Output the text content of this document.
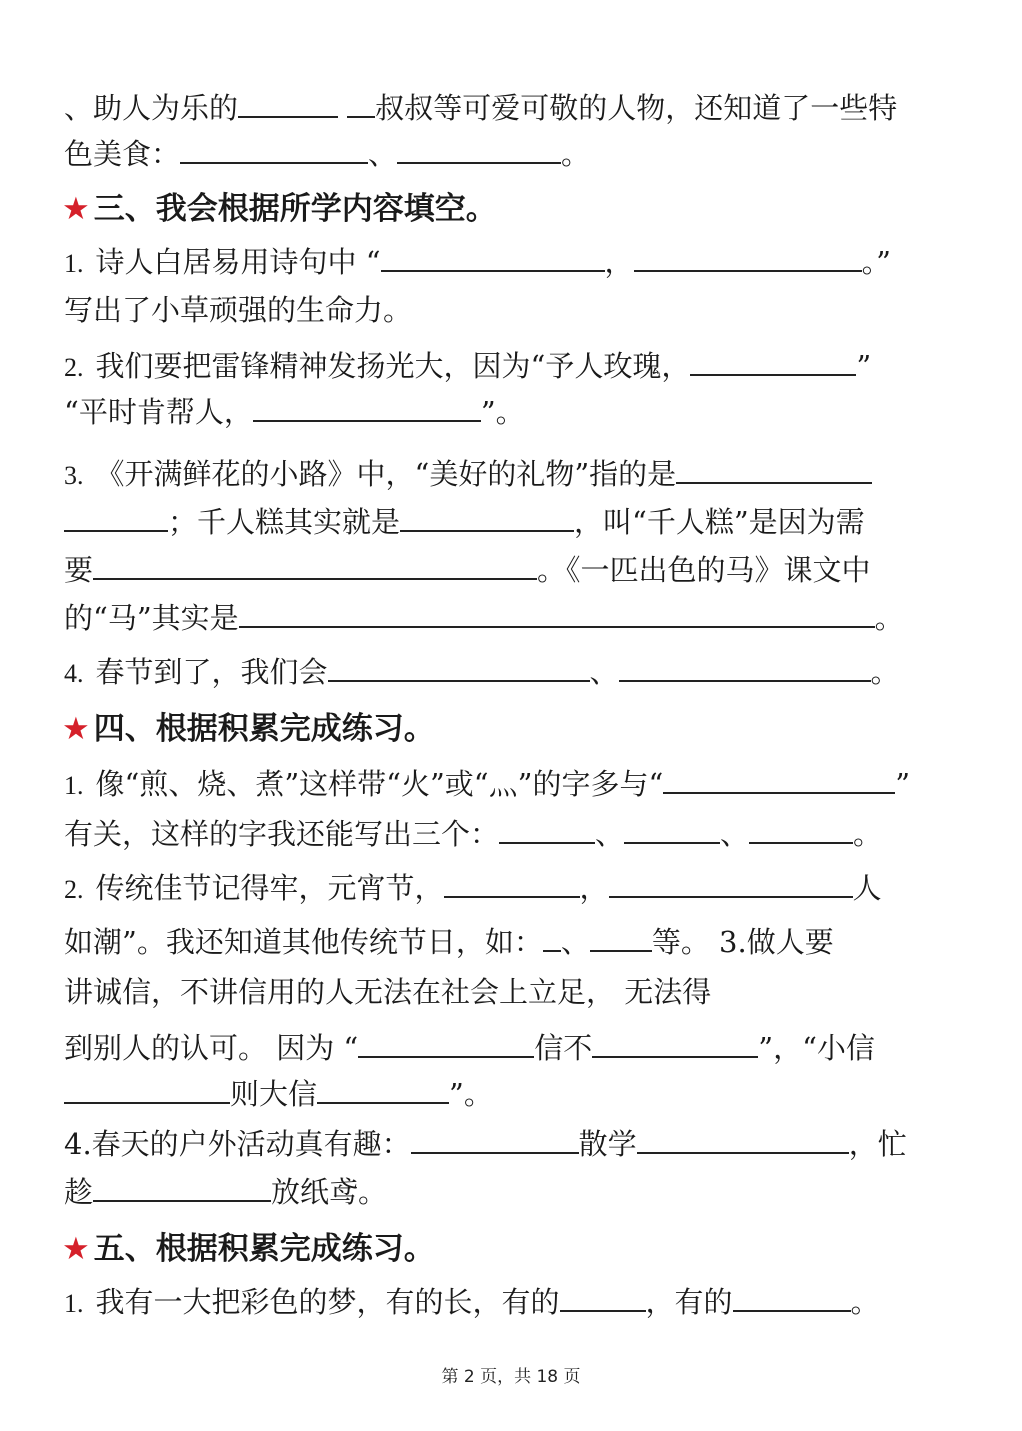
、助人为乐的	叔叔等可爱可敬的人物，还知道了一些特
色美食：	、	。
★ 三、我会根据所学内容填空。
1. 诗人白居易用诗句中 “	，	。”
写出了小草顽强的生命力。
2. 我们要把雷锋精神发扬光大，因为“予人玫瑰，	”
“平时肯帮人，	”。
3. 《开满鲜花的小路》中，“美好的礼物”指的是
；千人糕其实就是	，叫“千人糕”是因为需
要	。《一匹出色的马》课文中
的“马”其实是	。
4. 春节到了，我们会	、	。
★ 四、根据积累完成练习。
1. 像“煎、烧、煮”这样带“火”或“灬”的字多与“	”
有关，这样的字我还能写出三个：	、	、	。
2. 传统佳节记得牢，元宵节，	，	人
如潮”。我还知道其他传统节日，如： 、 等。 3.做人要
讲诚信，不讲信用的人无法在社会上立足， 无法得
到别人的认可。 因为 “	信不	”，“小信
则大信	”。
4.春天的户外活动真有趣：	散学	，忙
趁	放纸鸢。
★ 五、根据积累完成练习。
1. 我有一大把彩色的梦，有的长，有的	，有的	。
第 2 页，共 18 页
